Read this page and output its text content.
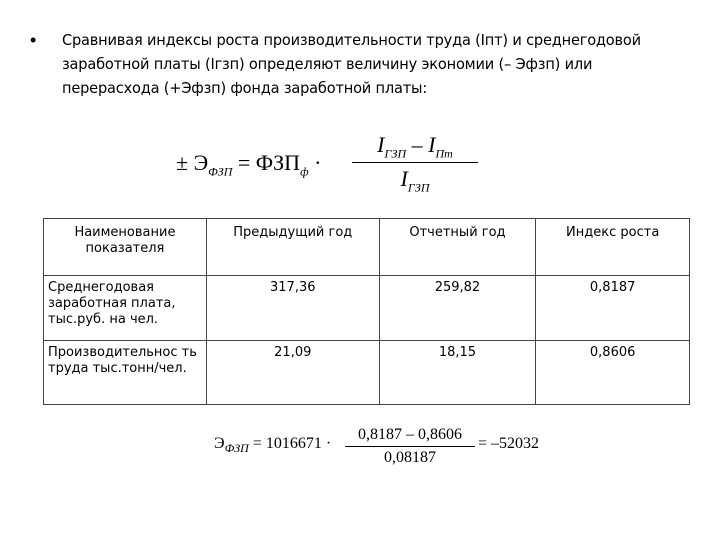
• Сравнивая индексы роста производительности труда (Iпт) и среднегодовой заработной платы (Iгзп) определяют величину экономии (– Эфзп) или перерасхода (+Эфзп) фонда заработной платы:
± $Э_{ФЗП} = ФЗП_ф$ ·
$I_{ГЗП} - I_{Пт}$
$I_{ГЗП}$
Наименование показателя	Предыдущий год	Отчетный год	Индекс роста
Среднегодовая заработная плата, тыс.руб. на чел.	317,36	259,82	0,8187
Производительнос ть труда тыс.тонн/чел.	21,09	18,15	0,8606
$Э_{ФЗП} = 1016671$ ·
0,8187 – 0,8606
0,08187
= –52032
